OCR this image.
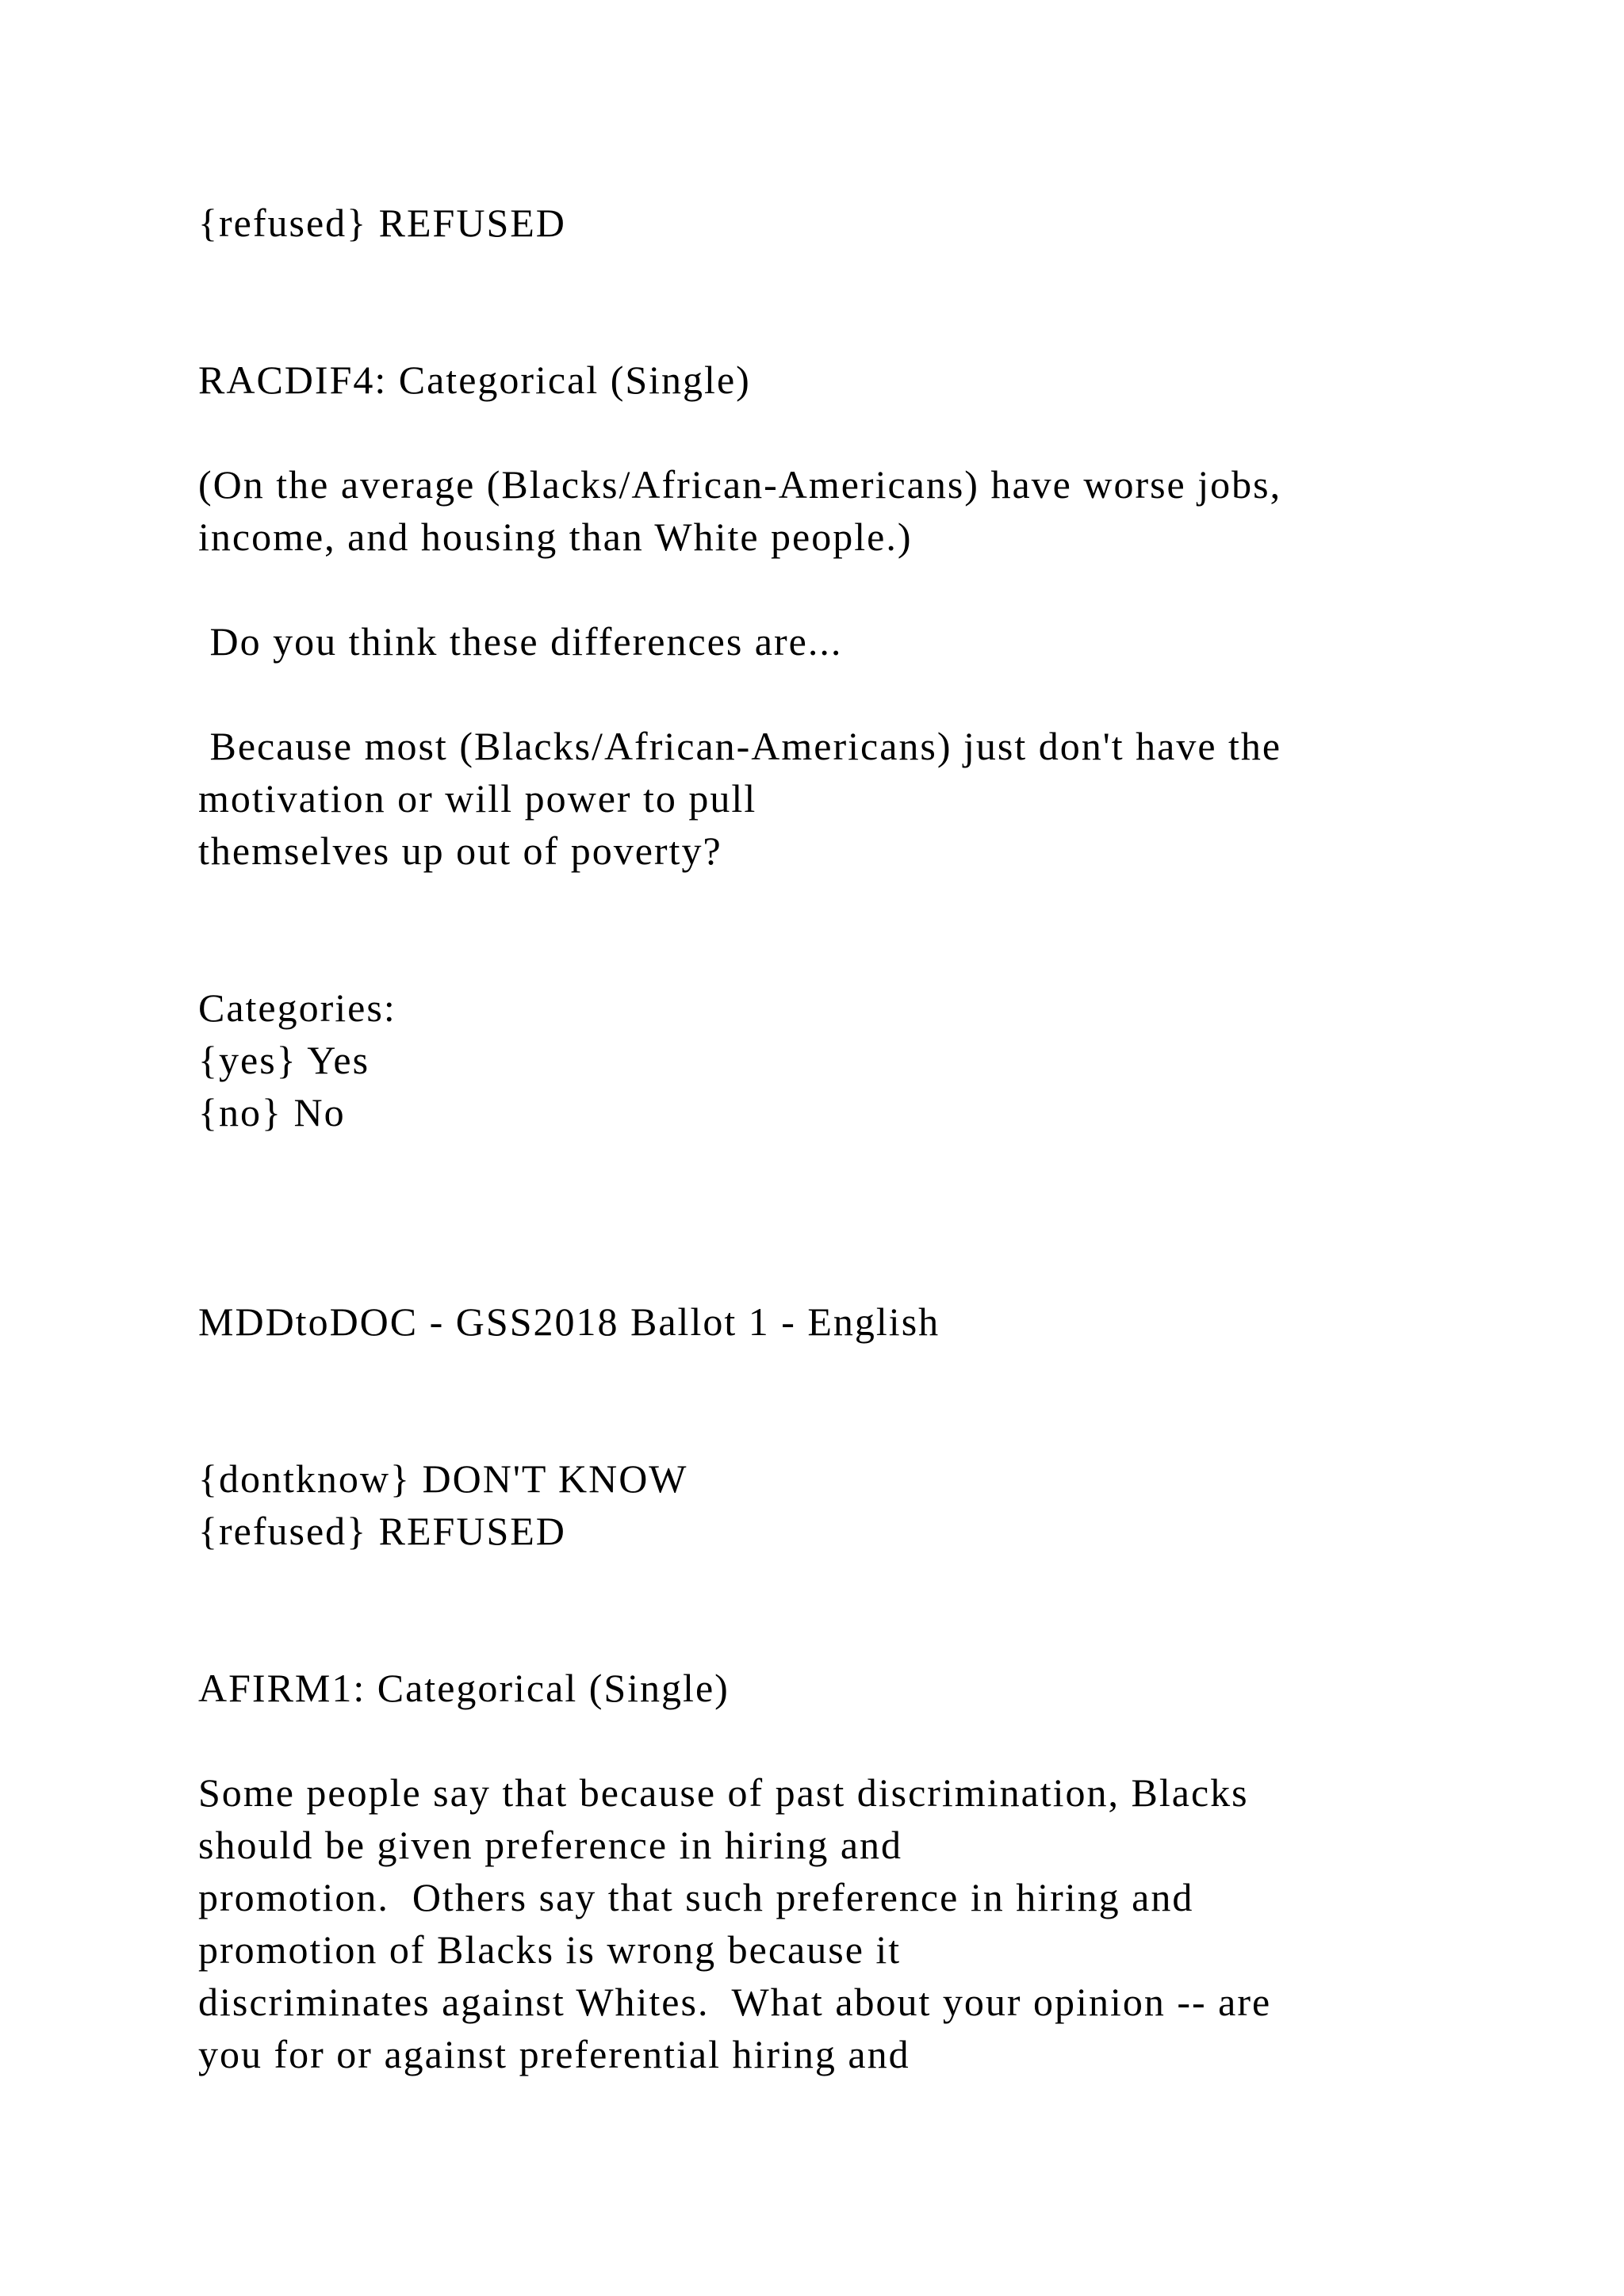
{refused} REFUSED
RACDIF4: Categorical (Single)
(On the average (Blacks/African-Americans) have worse jobs,
income, and housing than White people.)
Do you think these differences are...
Because most (Blacks/African-Americans) just don't have the
motivation or will power to pull
themselves up out of poverty?
Categories:
{yes} Yes
{no} No
MDDtoDOC - GSS2018 Ballot 1 - English
{dontknow} DON'T KNOW
{refused} REFUSED
AFIRM1: Categorical (Single)
Some people say that because of past discrimination, Blacks
should be given preference in hiring and
promotion.  Others say that such preference in hiring and
promotion of Blacks is wrong because it
discriminates against Whites.  What about your opinion -- are
you for or against preferential hiring and
